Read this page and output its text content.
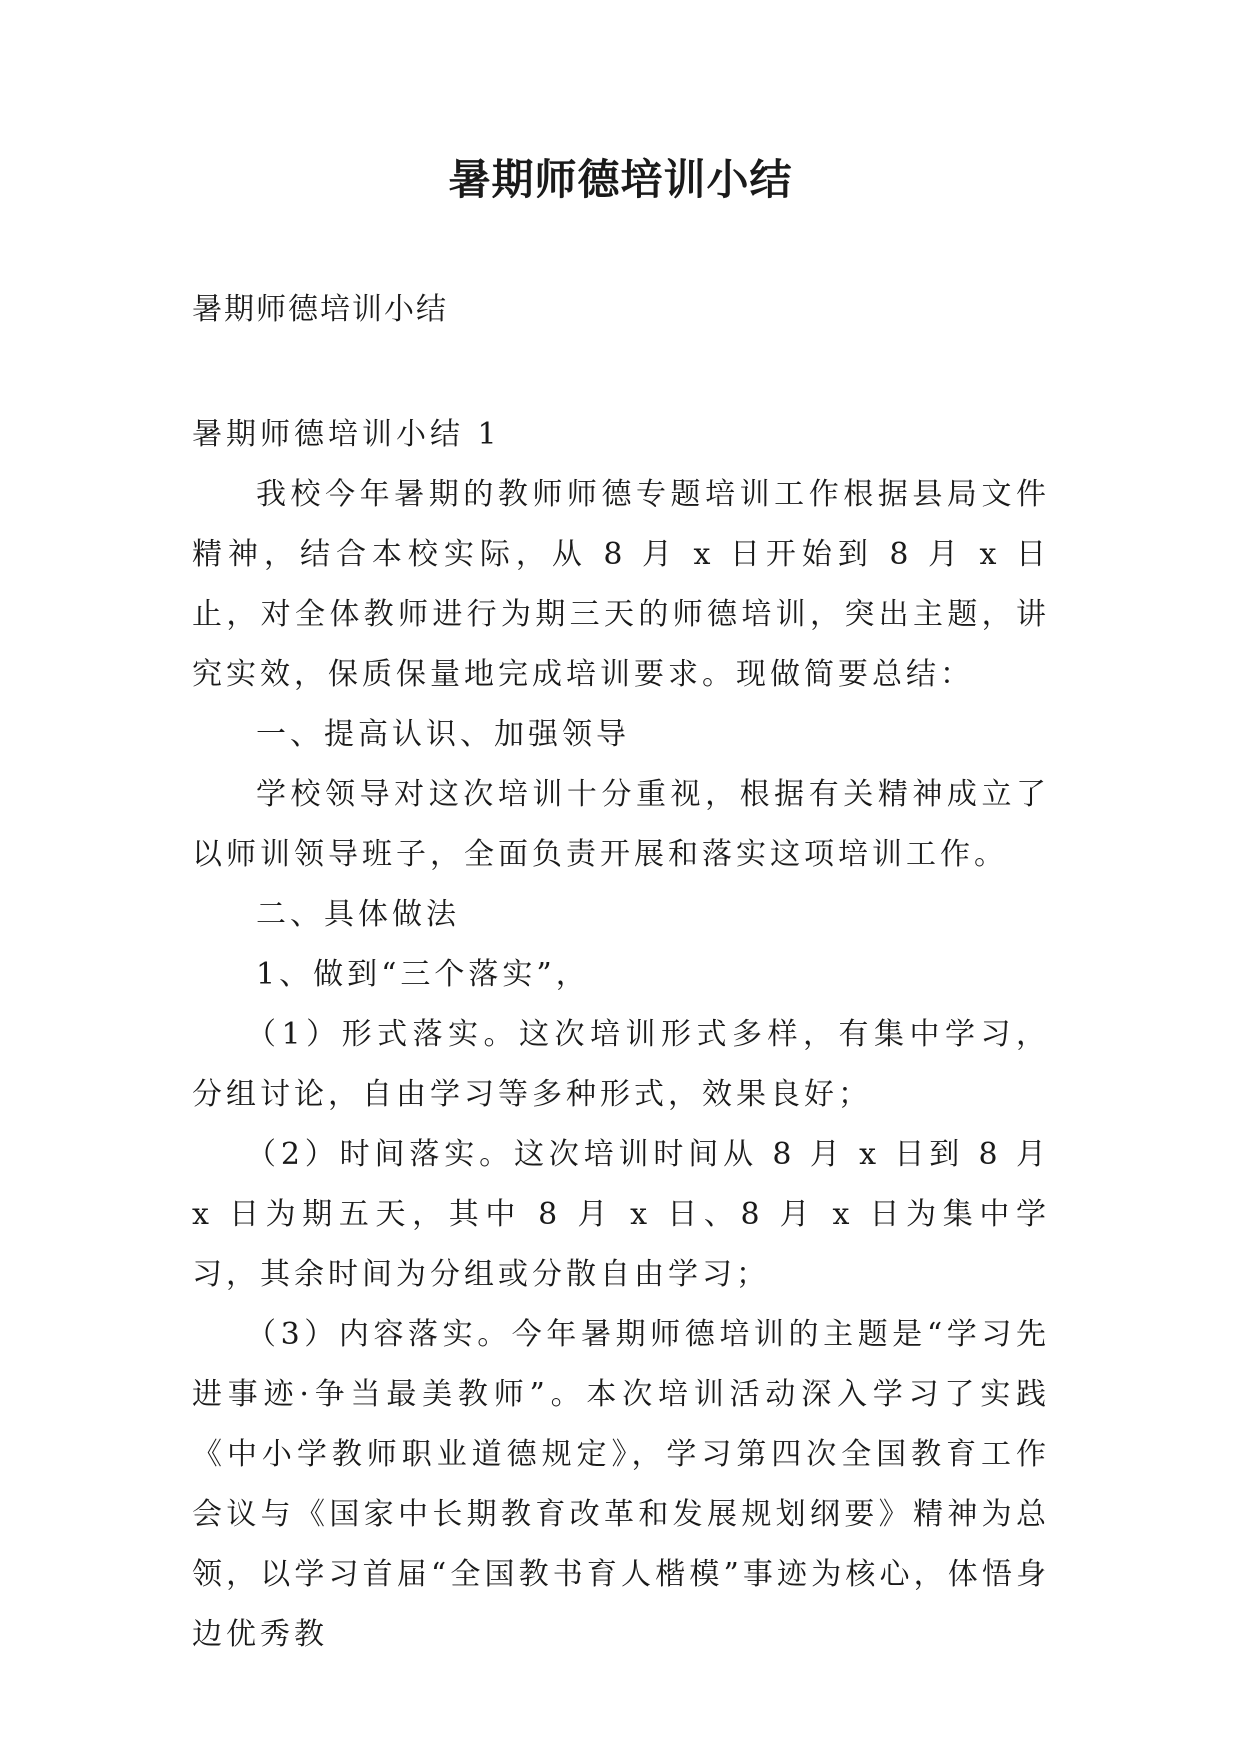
暑期师德培训小结
暑期师德培训小结

暑期师德培训小结 1

我校今年暑期的教师师德专题培训工作根据县局文件精神，结合本校实际，从 8 月 x 日开始到 8 月 x 日止，对全体教师进行为期三天的师德培训，突出主题，讲究实效，保质保量地完成培训要求。现做简要总结：

一、提高认识、加强领导

学校领导对这次培训十分重视，根据有关精神成立了以师训领导班子，全面负责开展和落实这项培训工作。

二、具体做法

1、做到“三个落实”，

（1）形式落实。这次培训形式多样，有集中学习，分组讨论，自由学习等多种形式，效果良好；

（2）时间落实。这次培训时间从 8 月 x 日到 8 月 x 日为期五天，其中 8 月 x 日、8 月 x 日为集中学习，其余时间为分组或分散自由学习；

（3）内容落实。今年暑期师德培训的主题是“学习先进事迹·争当最美教师”。本次培训活动深入学习了实践《中小学教师职业道德规定》，学习第四次全国教育工作会议与《国家中长期教育改革和发展规划纲要》精神为总领，以学习首届“全国教书育人楷模”事迹为核心，体悟身边优秀教
